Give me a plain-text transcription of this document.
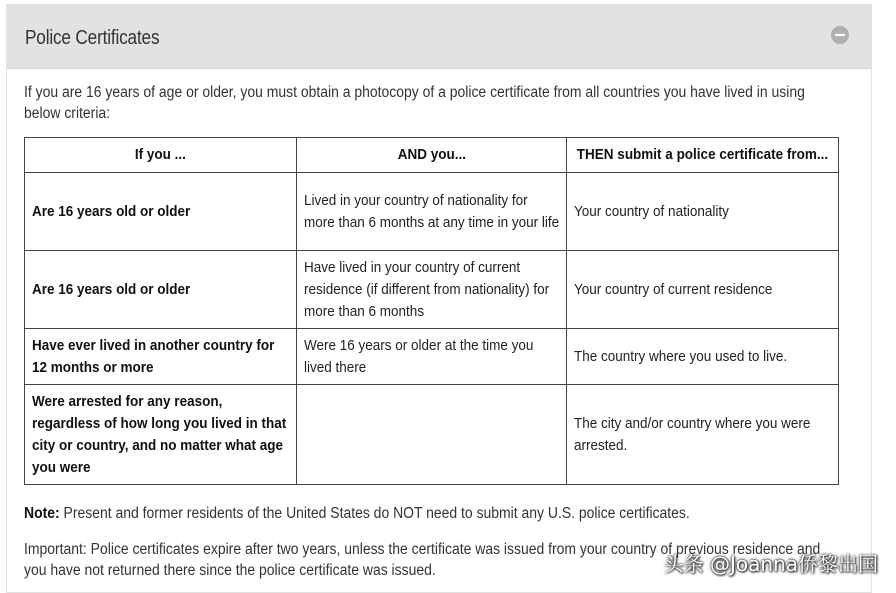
Police Certificates

If you are 16 years of age or older, you must obtain a photocopy of a police certificate from all countries you have lived in using below criteria:

If you ...	AND you...	THEN submit a police certificate from...

Are 16 years old or older	Lived in your country of nationality for more than 6 months at any time in your life	Your country of nationality

Are 16 years old or older	Have lived in your country of current residence (if different from nationality) for more than 6 months	Your country of current residence

Have ever lived in another country for 12 months or more	Were 16 years or older at the time you lived there	The country where you used to live.

Were arrested for any reason, regardless of how long you lived in that city or country, and no matter what age you were		The city and/or country where you were arrested.

Note: Present and former residents of the United States do NOT need to submit any U.S. police certificates.

Important: Police certificates expire after two years, unless the certificate was issued from your country of previous residence and you have not returned there since the police certificate was issued.	头条 @Joanna侨黎出国
